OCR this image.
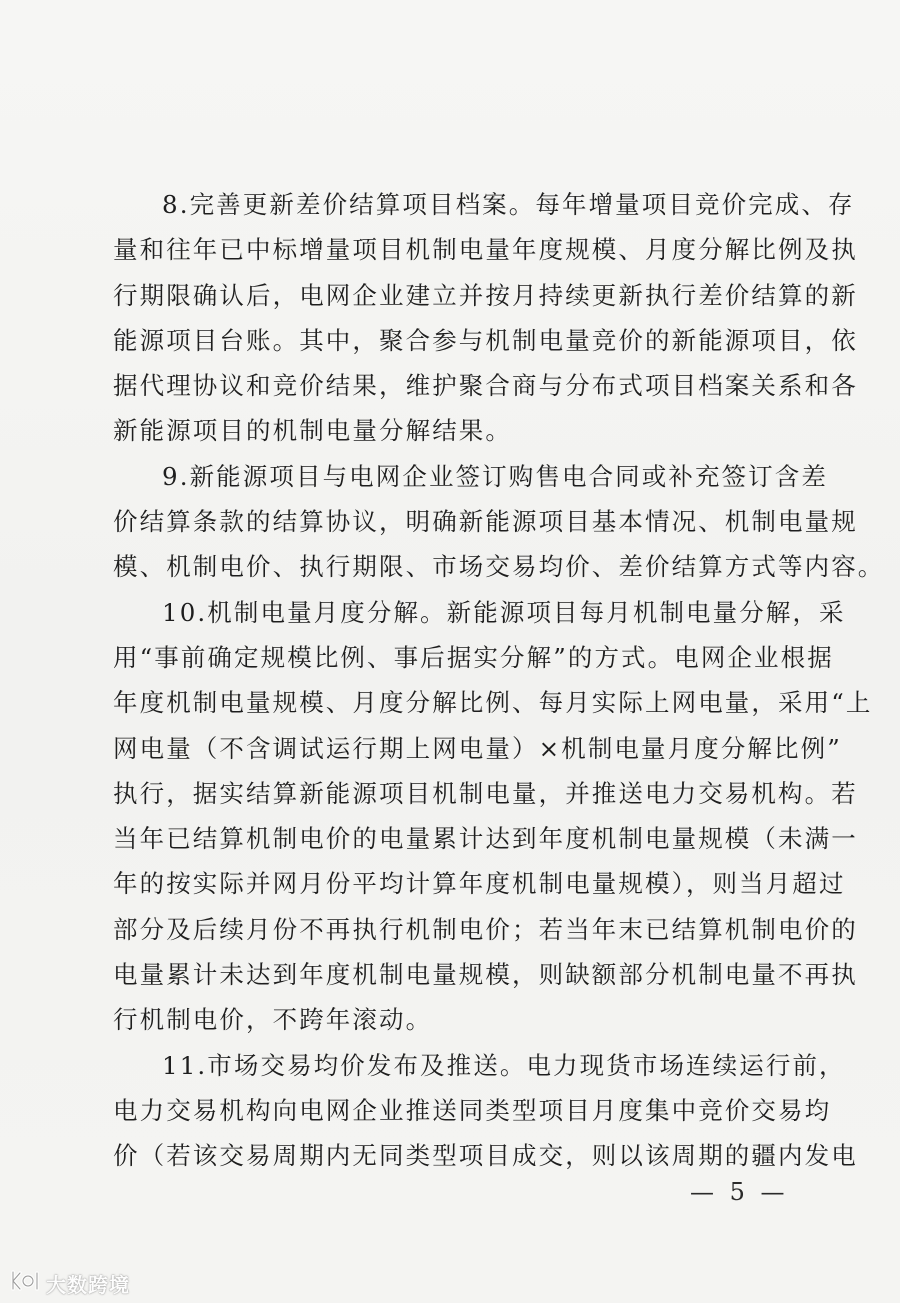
8.完善更新差价结算项目档案。每年增量项目竞价完成、存
量和往年已中标增量项目机制电量年度规模、月度分解比例及执
行期限确认后，电网企业建立并按月持续更新执行差价结算的新
能源项目台账。其中，聚合参与机制电量竞价的新能源项目，依
据代理协议和竞价结果，维护聚合商与分布式项目档案关系和各
新能源项目的机制电量分解结果。

9.新能源项目与电网企业签订购售电合同或补充签订含差
价结算条款的结算协议，明确新能源项目基本情况、机制电量规
模、机制电价、执行期限、市场交易均价、差价结算方式等内容。

10.机制电量月度分解。新能源项目每月机制电量分解，采
用“事前确定规模比例、事后据实分解”的方式。电网企业根据
年度机制电量规模、月度分解比例、每月实际上网电量，采用“上
网电量（不含调试运行期上网电量）×机制电量月度分解比例”
执行，据实结算新能源项目机制电量，并推送电力交易机构。若
当年已结算机制电价的电量累计达到年度机制电量规模（未满一
年的按实际并网月份平均计算年度机制电量规模），则当月超过
部分及后续月份不再执行机制电价；若当年末已结算机制电价的
电量累计未达到年度机制电量规模，则缺额部分机制电量不再执
行机制电价，不跨年滚动。

11.市场交易均价发布及推送。电力现货市场连续运行前，
电力交易机构向电网企业推送同类型项目月度集中竞价交易均
价（若该交易周期内无同类型项目成交，则以该周期的疆内发电

— 5 —
大数跨境
